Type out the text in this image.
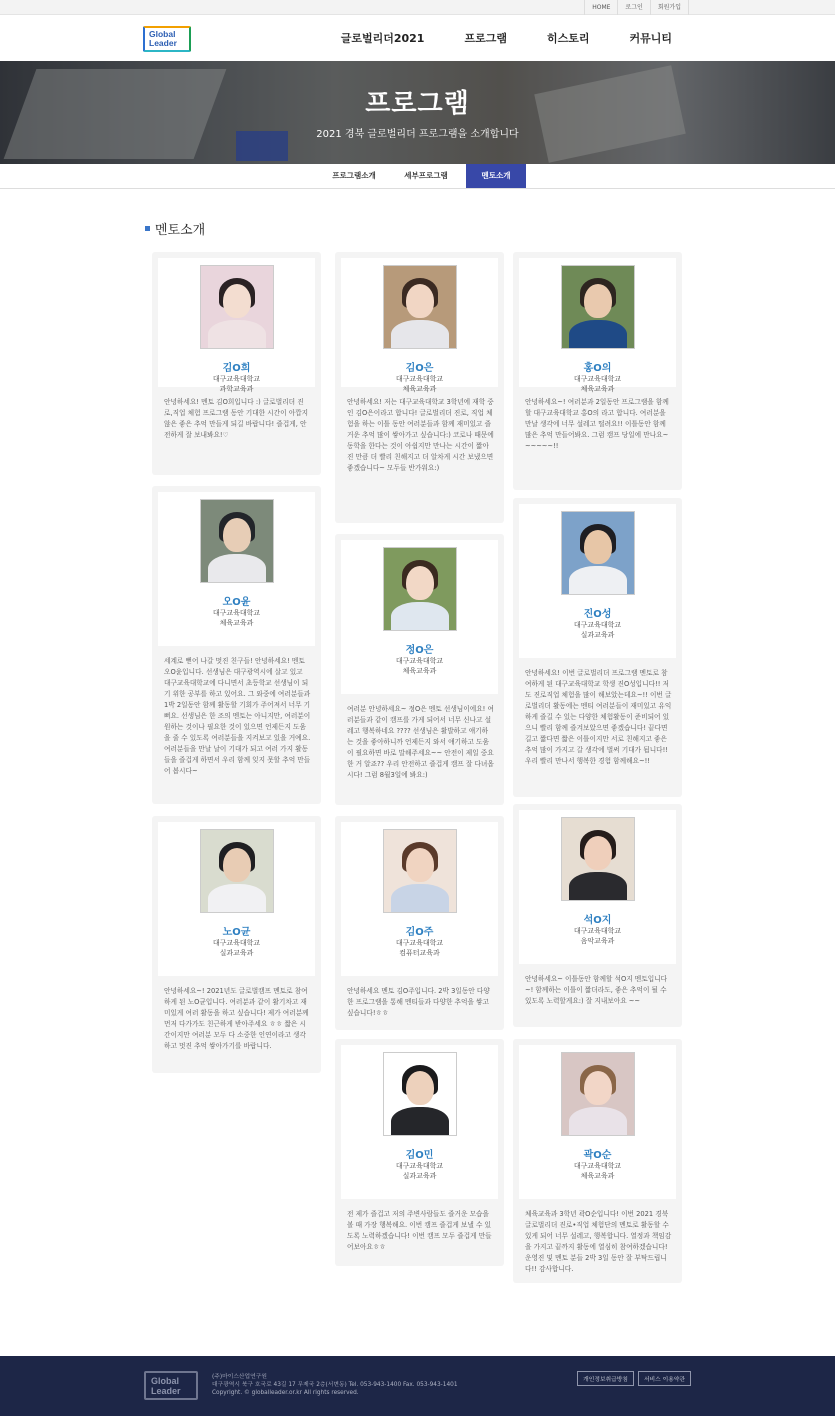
HOME	로그인	회원가입
Global
Leader	글로벌리더2021	프로그램	히스토리	커뮤니티
프로그램
2021 경북 글로벌리더 프로그램을 소개합니다
프로그램소개	세부프로그램	멘토소개
멘토소개
김O희
대구교육대학교
과학교육과
안녕하세요! 멘토 김O희입니다 :) 글로벌리더 진로,직업 체험 프로그램 동안 기대한 시간이 아깝지 않은 좋은 추억 만들게 되길 바랍니다! 즐겁게, 안전하게 잘 보내봐요!♡
오O윤
대구교육대학교
체육교육과
세계로 뻗어 나갈 멋진 친구들! 안녕하세요! 멘토 오O윤입니다. 선생님은 대구광역시에 살고 있고 대구교육대학교에 다니면서 초등학교 선생님이 되기 위한 공부를 하고 있어요. 그 와중에 여러분들과 1박 2일동안 함께 활동할 기회가 주어져서 너무 기뻐요. 선생님은 한 조의 멘토는 아니지만, 여러분이 원하는 것이나 필요한 것이 있으면 언제든지 도움을 줄 수 있도록 여러분들을 지켜보고 있을 거예요. 여러분들을 만날 날이 기대가 되고 여러 가지 활동들을 즐겁게 하면서 우리 함께 잊지 못할 추억 만들어 봅시다~
노O균
대구교육대학교
실과교육과
안녕하세요~! 2021년도 글로벌캠프 멘토로 참여하게 된 노O균입니다. 여러분과 같이 활기차고 재미있게 여러 활동을 하고 싶습니다! 제가 여러분께 먼저 다가가도 친근하게 받아주세요 ㅎㅎ 짧은 시간이지만 여러분 모두 다 소중한 인연이라고 생각하고 멋진 추억 쌓아가기를 바랍니다.
김O은
대구교육대학교
체육교육과
안녕하세요! 저는 대구교육대학교 3학년에 재학 중인 김O은이라고 합니다! 글로벌리더 진로, 직업 체험을 하는 이틀 동안 여러분들과 함께 재미있고 즐거운 추억 많이 쌓아가고 싶습니다:) 코로나 때문에 동학을 한다는 것이 아쉽지만 만나는 시간이 짧아진 만큼 더 빨리 친해지고 더 알차게 시간 보냈으면 좋겠습니다~ 모두들 반가워요:)
정O은
대구교육대학교
체육교육과
여러분 안녕하세요~ 정O은 멘토 선생님이에요! 여러분들과 같이 캠프를 가게 되어서 너무 신나고 설레고 행복하네요 ???? 선생님은 활발하고 얘기하는 것을 좋아하니까 언제든지 와서 얘기하고 도움이 필요하면 바로 말해주세요~~ 안전이 제일 중요한 거 알죠?? 우리 안전하고 즐겁게 캠프 잘 다녀옵시다! 그럼 8월3일에 봐요:)
김O주
대구교육대학교
컴퓨터교육과
안녕하세요 멘토 김O주입니다. 2박 3일동안 다양한 프로그램을 통해 멘티들과 다양한 추억을 쌓고 싶습니다!ㅎㅎ
김O민
대구교육대학교
실과교육과
전 제가 즐겁고 저의 주변사람들도 즐거운 모습을 볼 때 가장 행복해요. 이번 캠프 즐겁게 보낼 수 있도록 노력하겠습니다! 이번 캠프 모두 즐겁게 만들어보아요ㅎㅎ
홍O의
대구교육대학교
체육교육과
안녕하세요~! 여러분과 2일동안 프로그램을 함께할 대구교육대학교 홍O의 라고 합니다. 여러분을 만날 생각에 너무 설레고 떨려요!! 이틀동안 함께 많은 추억 만들어봐요. 그럼 캠프 당일에 만나요~~~~~~!!
진O성
대구교육대학교
실과교육과
안녕하세요! 이번 글로벌리더 프로그램 멘토로 참여하게 된 대구교육대학교 학생 진O성입니다!! 저도 진로직업 체험을 많이 해보았는데요~!! 이번 글로벌리더 활동에는 멘티 여러분들이 재미있고 유익하게 즐길 수 있는 다양한 체험활동이 준비되어 있으니 빨리 함께 즐겨보았으면 좋겠습니다! 끝다면 길고 짧다면 짧은 이틀이지만 서로 친해지고 좋은 추억 많이 가지고 갈 생각에 벌써 기대가 됩니다!! 우리 빨리 만나서 행복한 경험 함께해요~!!
석O지
대구교육대학교
음악교육과
안녕하세요~ 이틀동안 함께할 석O지 멘토입니다~! 함께하는 이틀이 짧더라도, 좋은 추억이 될 수 있도록 노력할게요:) 잘 지내보아요 ~~
곽O순
대구교육대학교
체육교육과
체육교육과 3학년 곽O순입니다! 이번 2021 경북 글로벌리더 진로•직업 체험단의 멘토로 활동할 수 있게 되어 너무 설레고, 행복합니다. 열정과 책임감을 가지고 끝까지 활동에 열심히 참여하겠습니다! 운영진 및 멘토 분들 2박 3일 동안 잘 부탁드립니다!! 감사합니다.
Global
Leader
(주)마이스산업연구원
대구광역시 북구 호국로 43길 17 무제국 2층(서변동) Tel. 053-943-1400 Fax. 053-943-1401
Copyright. © globalleader.or.kr All rights reserved.
개인정보취급방침	서비스 이용약관
